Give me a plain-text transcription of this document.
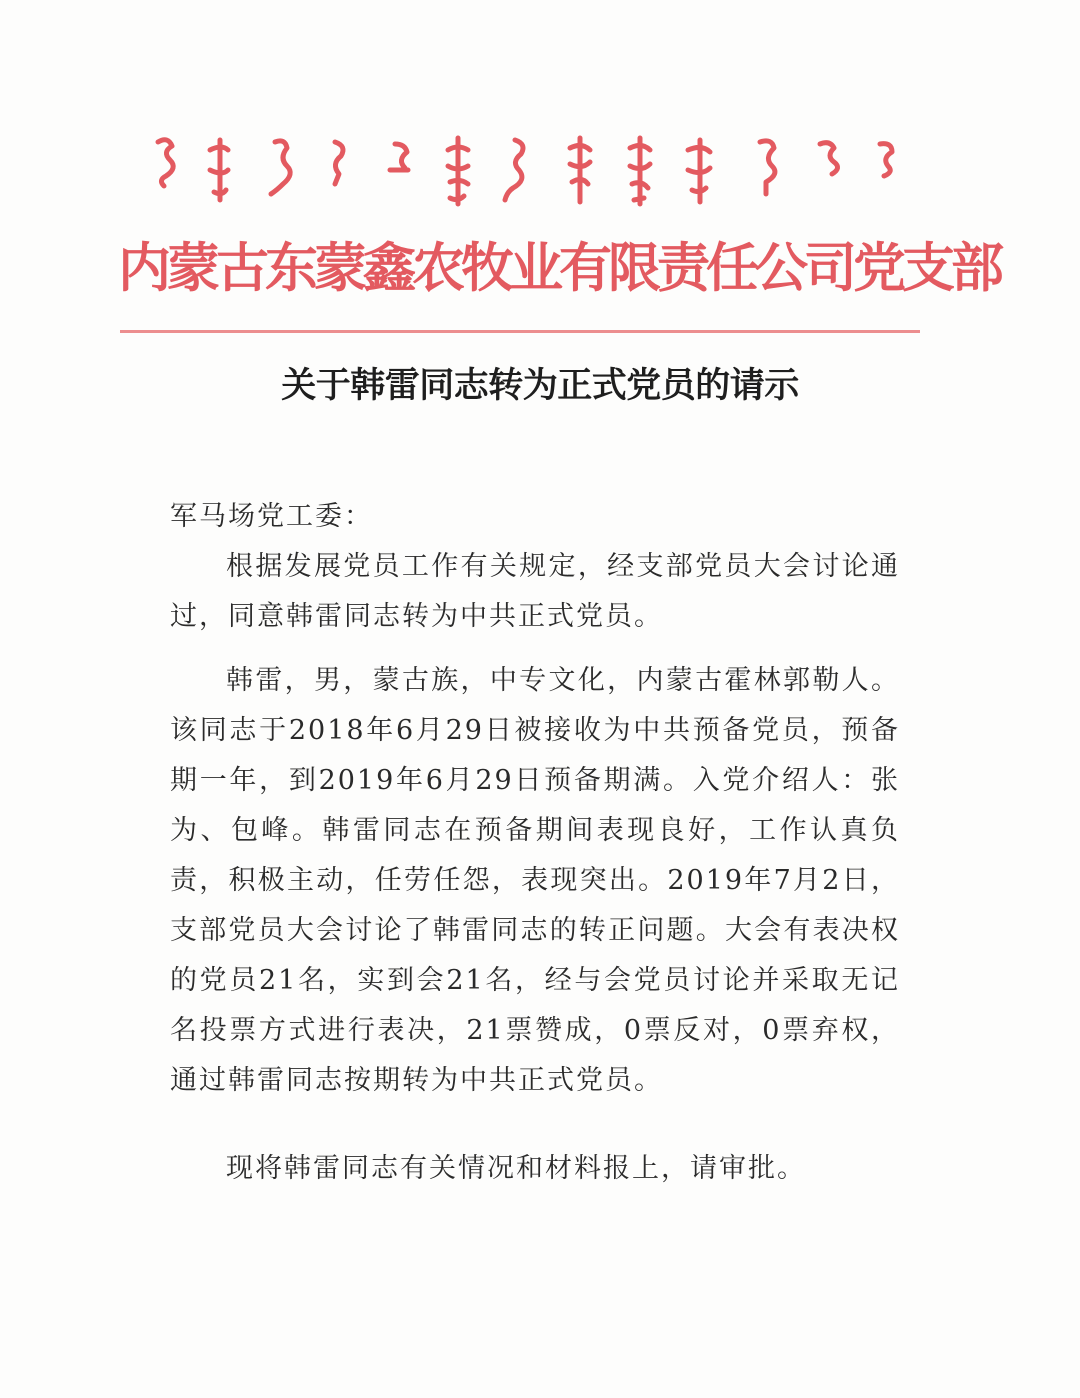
内蒙古东蒙鑫农牧业有限责任公司党支部
关于韩雷同志转为正式党员的请示
军马场党工委：
根据发展党员工作有关规定，经支部党员大会讨论通过，同意韩雷同志转为中共正式党员。
韩雷，男，蒙古族，中专文化，内蒙古霍林郭勒人。该同志于2018年6月29日被接收为中共预备党员，预备期一年，到2019年6月29日预备期满。入党介绍人：张为、包峰。韩雷同志在预备期间表现良好，工作认真负责，积极主动，任劳任怨，表现突出。2019年7月2日，支部党员大会讨论了韩雷同志的转正问题。大会有表决权的党员21名，实到会21名，经与会党员讨论并采取无记名投票方式进行表决，21票赞成，0票反对，0票弃权，通过韩雷同志按期转为中共正式党员。
现将韩雷同志有关情况和材料报上，请审批。
